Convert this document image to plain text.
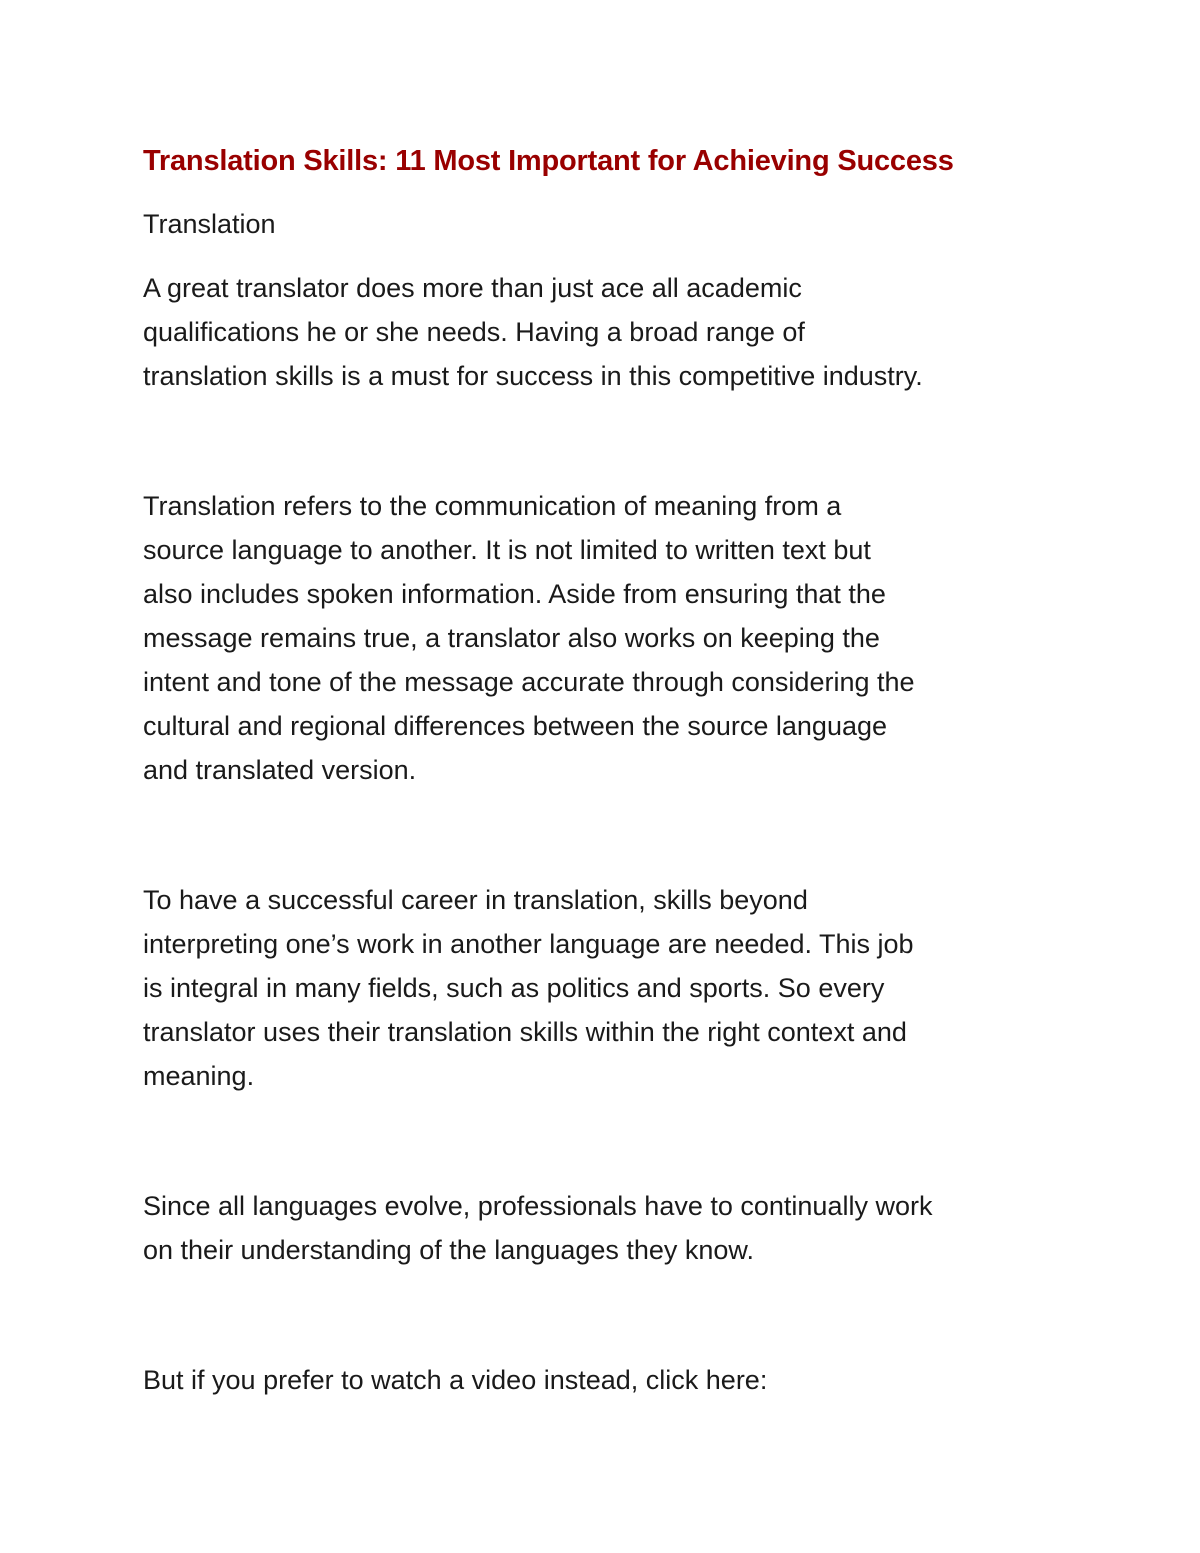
Translation Skills: 11 Most Important for Achieving Success

Translation

A great translator does more than just ace all academic
qualifications he or she needs. Having a broad range of
translation skills is a must for success in this competitive industry.

Translation refers to the communication of meaning from a
source language to another. It is not limited to written text but
also includes spoken information. Aside from ensuring that the
message remains true, a translator also works on keeping the
intent and tone of the message accurate through considering the
cultural and regional differences between the source language
and translated version.

To have a successful career in translation, skills beyond
interpreting one’s work in another language are needed. This job
is integral in many fields, such as politics and sports. So every
translator uses their translation skills within the right context and
meaning.

Since all languages evolve, professionals have to continually work
on their understanding of the languages they know.

But if you prefer to watch a video instead, click here:
